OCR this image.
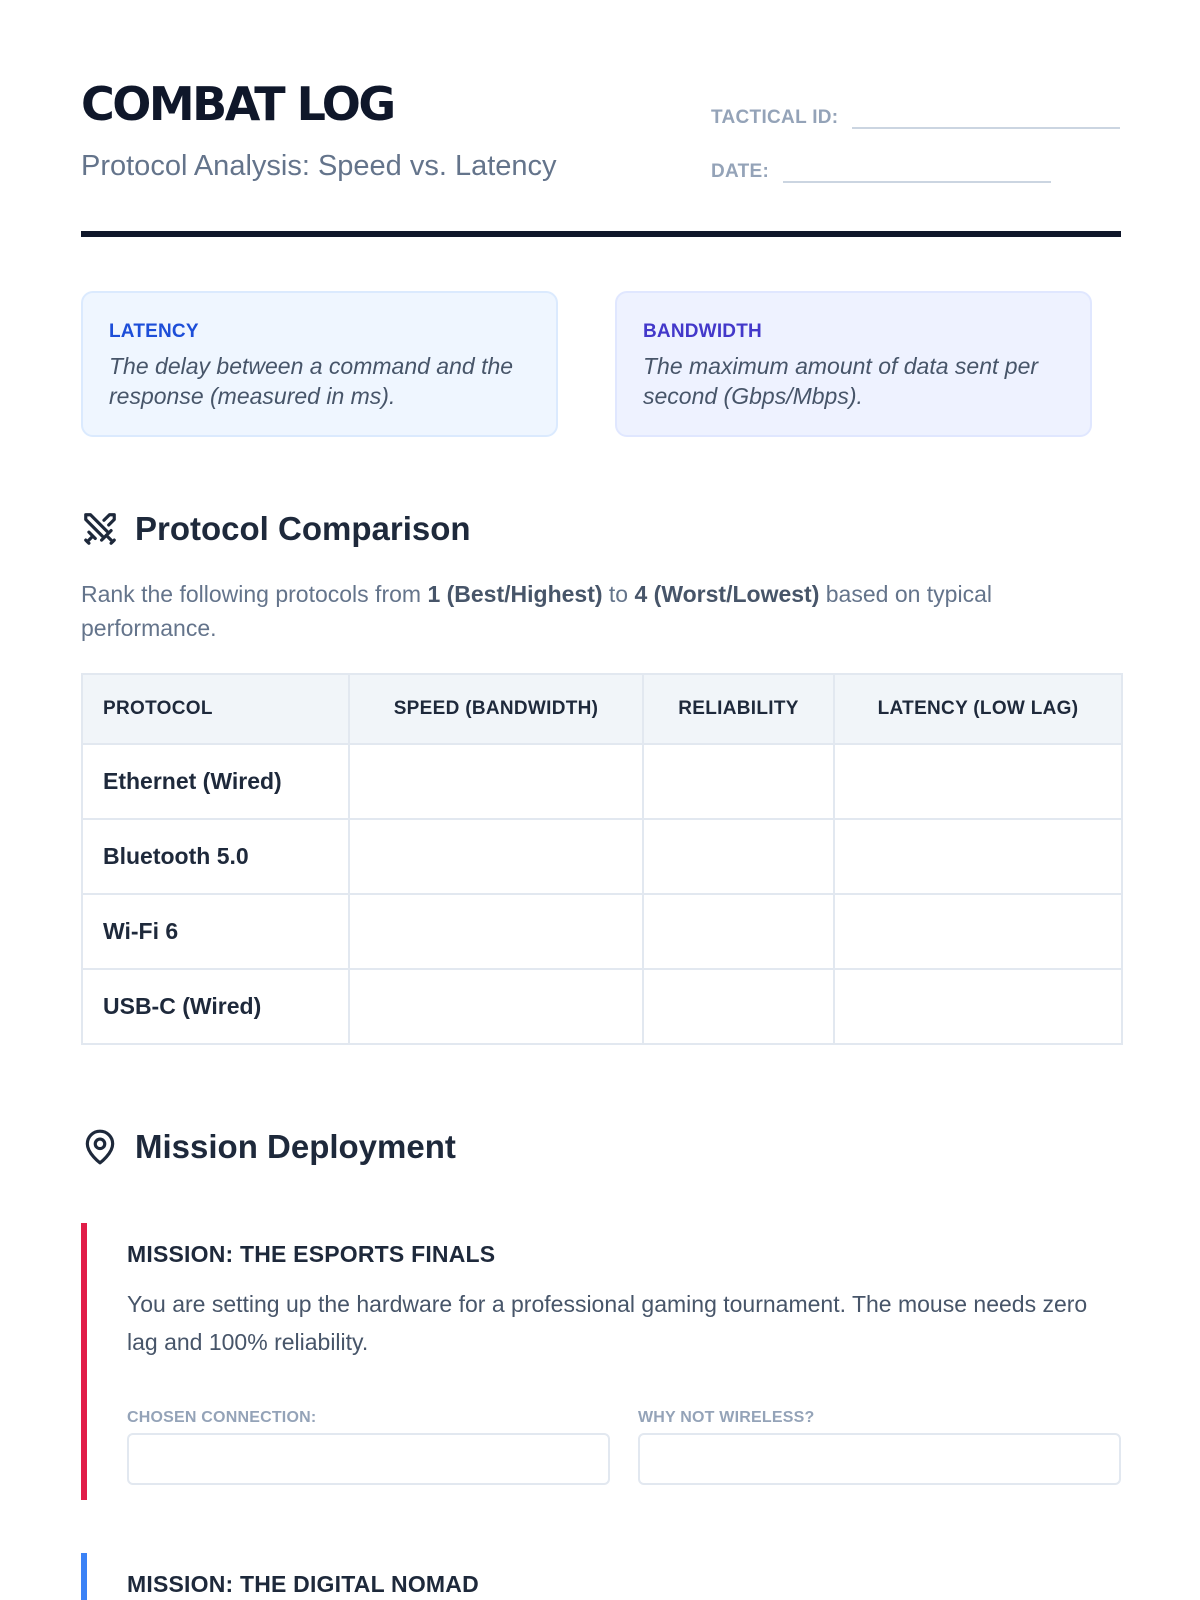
COMBAT LOG
Protocol Analysis: Speed vs. Latency
TACTICAL ID:
DATE:
LATENCY
The delay between a command and the response (measured in ms).
BANDWIDTH
The maximum amount of data sent per second (Gbps/Mbps).
Protocol Comparison
Rank the following protocols from 1 (Best/Highest) to 4 (Worst/Lowest) based on typical performance.
PROTOCOL	SPEED (BANDWIDTH)	RELIABILITY	LATENCY (LOW LAG)
Ethernet (Wired)			
Bluetooth 5.0			
Wi-Fi 6			
USB-C (Wired)			
Mission Deployment
MISSION: THE ESPORTS FINALS
You are setting up the hardware for a professional gaming tournament. The mouse needs zero lag and 100% reliability.
CHOSEN CONNECTION:	WHY NOT WIRELESS?
MISSION: THE DIGITAL NOMAD
